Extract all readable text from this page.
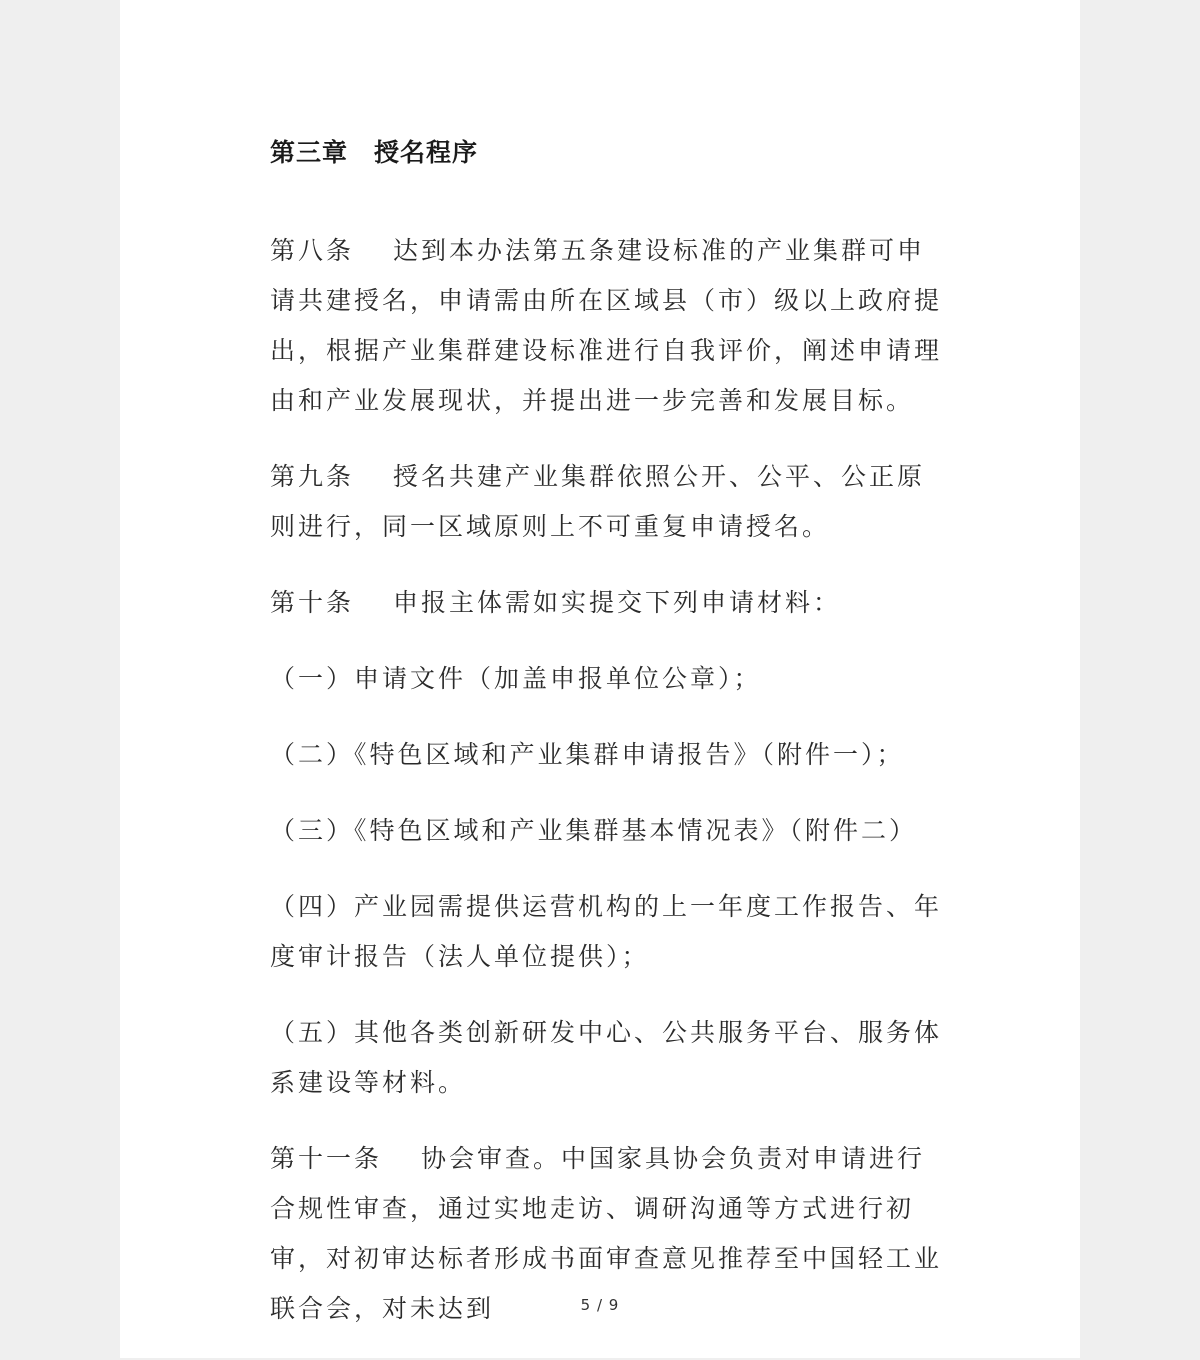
第三章　授名程序
第八条　 达到本办法第五条建设标准的产业集群可申请共建授名，申请需由所在区域县（市）级以上政府提出，根据产业集群建设标准进行自我评价，阐述申请理由和产业发展现状，并提出进一步完善和发展目标。
第九条　 授名共建产业集群依照公开、公平、公正原则进行，同一区域原则上不可重复申请授名。
第十条　 申报主体需如实提交下列申请材料：
（一）申请文件（加盖申报单位公章）；
（二）《特色区域和产业集群申请报告》（附件一）；
（三）《特色区域和产业集群基本情况表》（附件二）
（四）产业园需提供运营机构的上一年度工作报告、年度审计报告（法人单位提供）；
（五）其他各类创新研发中心、公共服务平台、服务体系建设等材料。
第十一条　 协会审查。中国家具协会负责对申请进行合规性审查，通过实地走访、调研沟通等方式进行初审，对初审达标者形成书面审查意见推荐至中国轻工业联合会，对未达到	5 / 9
